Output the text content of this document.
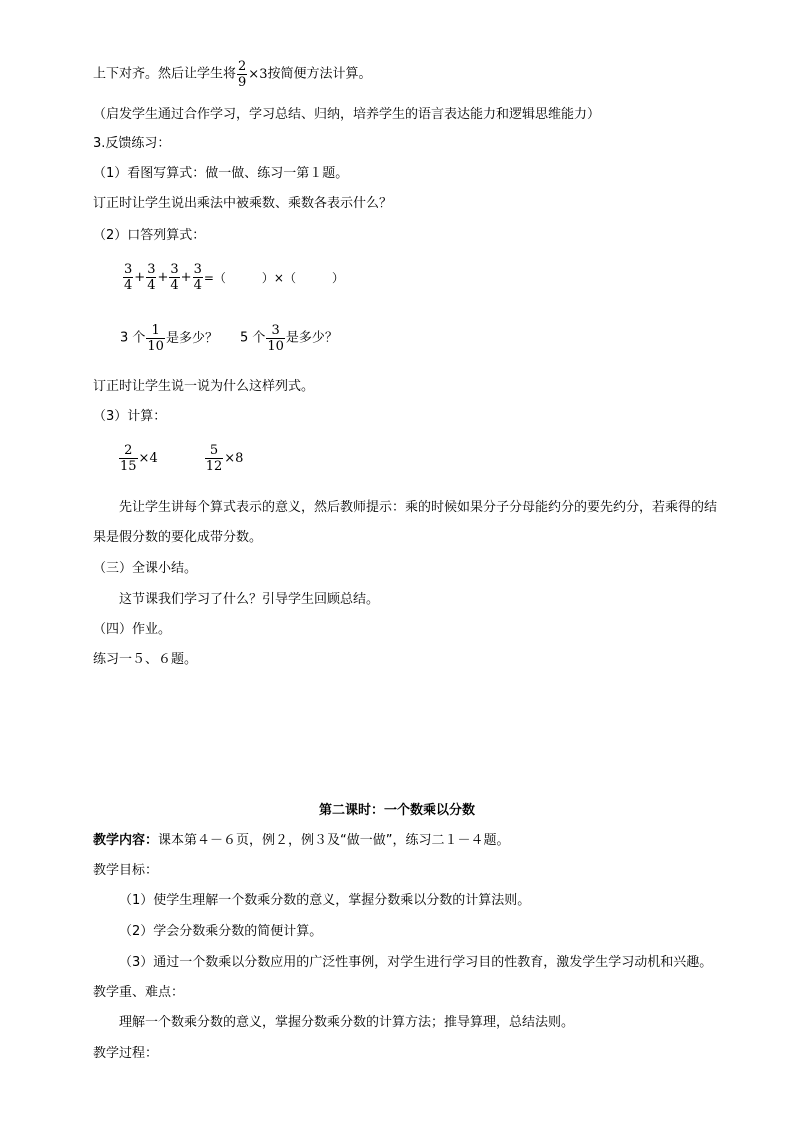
上下对齐。然后让学生将 $\frac{2}{9} \times 3$按简便方法计算。
（启发学生通过合作学习，学习总结、归纳，培养学生的语言表达能力和逻辑思维能力）
3.反馈练习：
（1）看图写算式：做一做、练习一第１题。
订正时让学生说出乘法中被乘数、乘数各表示什么？
（2）口答列算式：
$\frac{3}{4} + \frac{3}{4} + \frac{3}{4} + \frac{3}{4}$ =（　　　）×（　　　）
3 个 $\frac{1}{10}$ 是多少？ 5 个 $\frac{3}{10}$ 是多少？
订正时让学生说一说为什么这样列式。
（3）计算：
$\frac{2}{15} \times 4$	$\frac{5}{12} \times 8$
先让学生讲每个算式表示的意义，然后教师提示：乘的时候如果分子分母能约分的要先约分，若乘得的结
果是假分数的要化成带分数。
（三）全课小结。
这节课我们学习了什么？引导学生回顾总结。
（四）作业。
练习一５、６题。
第二课时：一个数乘以分数
教学内容：课本第４－６页，例２，例３及“做一做”，练习二１－４题。
教学目标：
（1）使学生理解一个数乘分数的意义，掌握分数乘以分数的计算法则。
（2）学会分数乘分数的简便计算。
（3）通过一个数乘以分数应用的广泛性事例，对学生进行学习目的性教育，激发学生学习动机和兴趣。
教学重、难点：
理解一个数乘分数的意义，掌握分数乘分数的计算方法；推导算理，总结法则。
教学过程：
